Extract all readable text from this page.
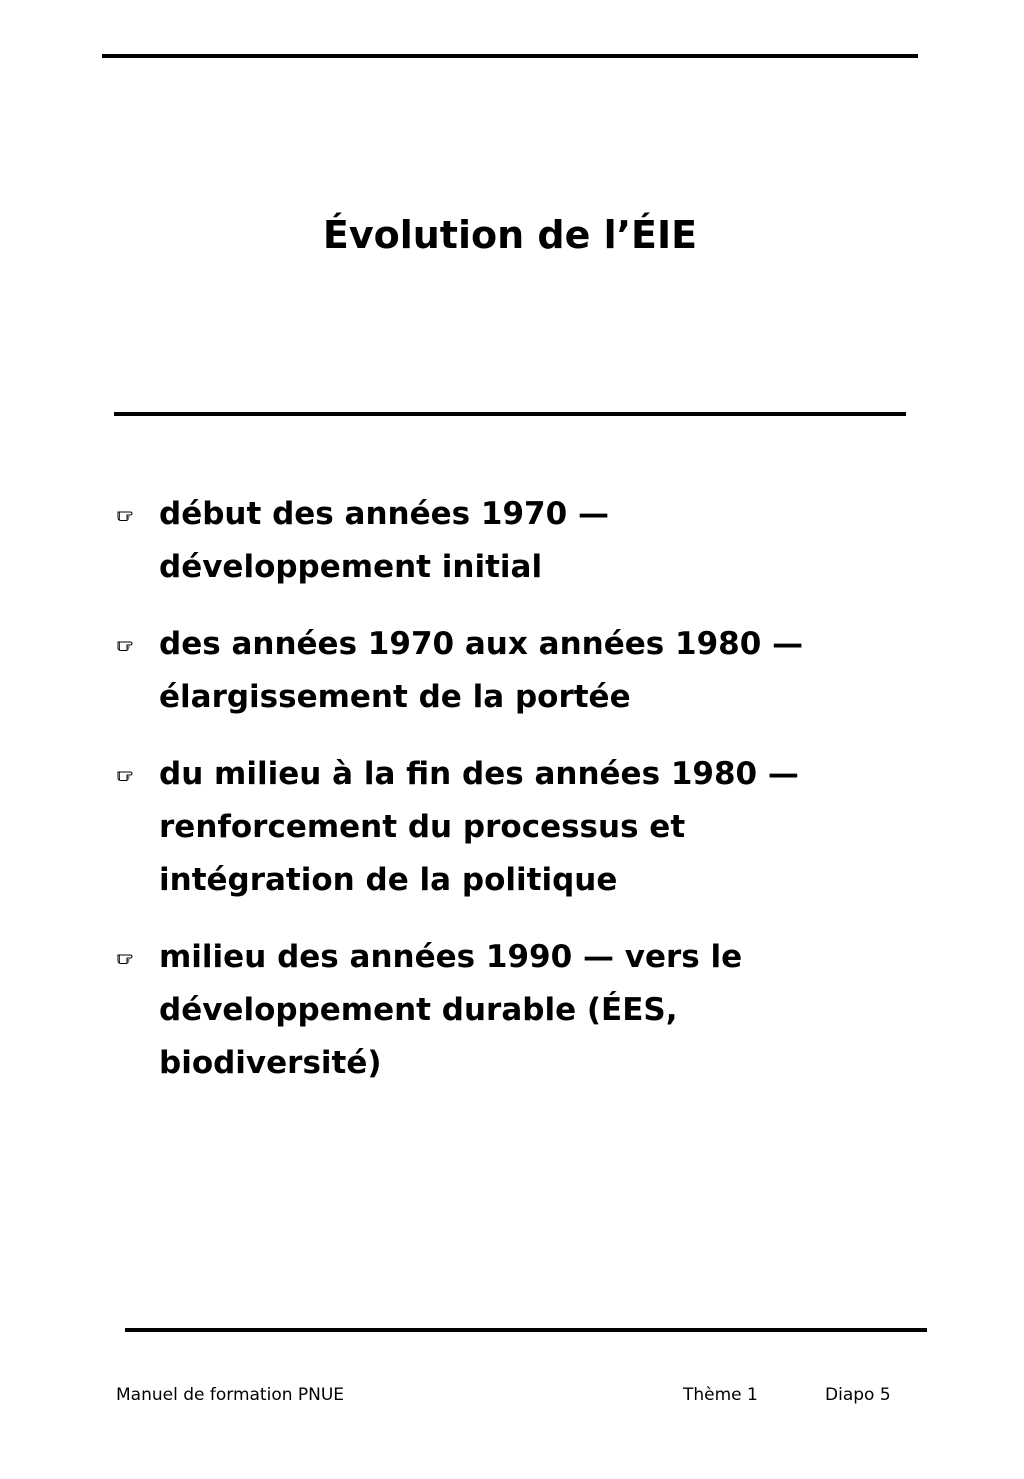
Évolution de l’ÉIE
début des années 1970 —
développement initial
des années 1970 aux années 1980 —
élargissement de la portée
du milieu à la fin des années 1980 —
renforcement du processus et
intégration de la politique
milieu des années 1990 — vers le
développement durable (ÉES,
biodiversité)
Manuel de formation PNUE	Thème 1	Diapo 5
